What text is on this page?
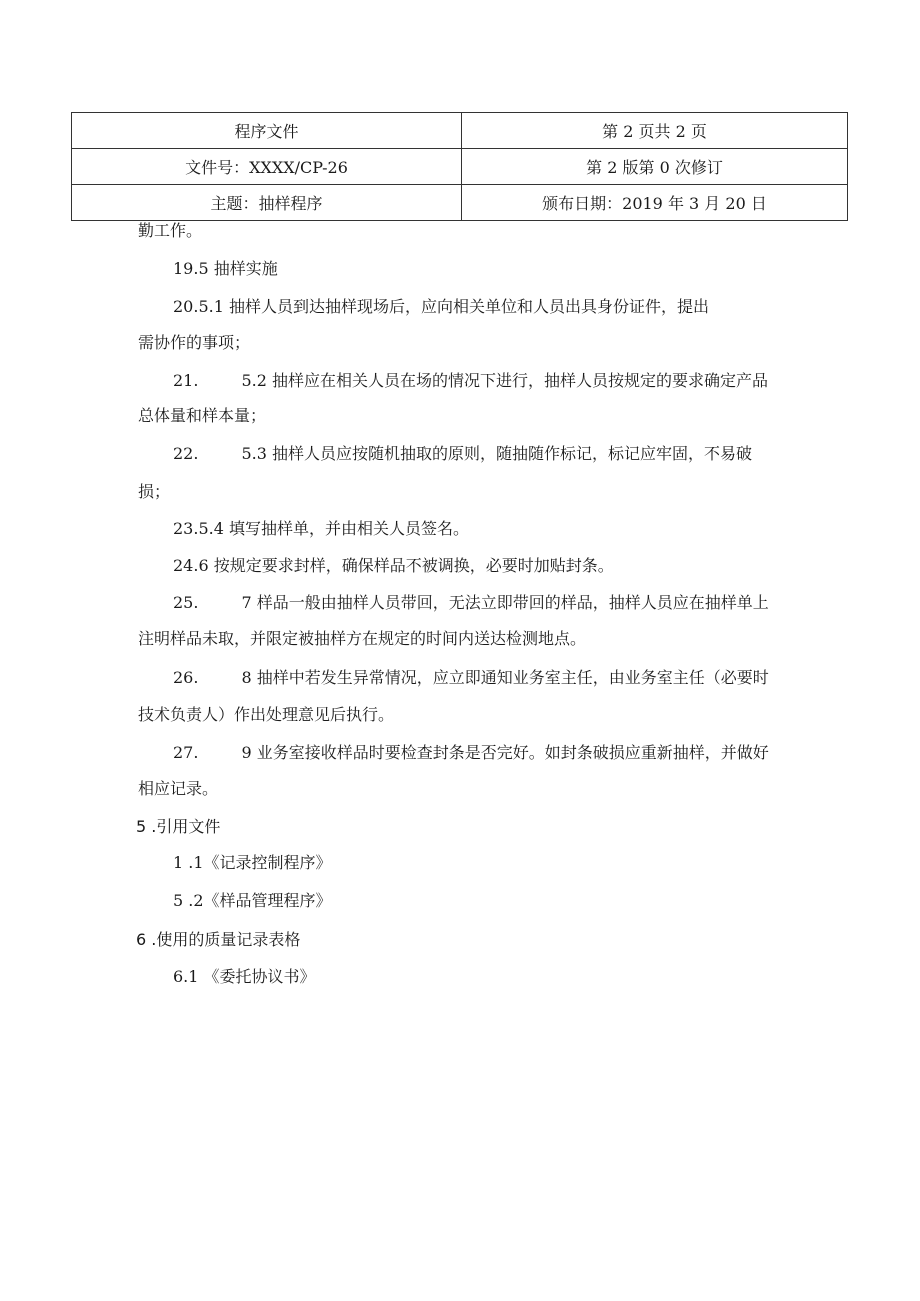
程序文件	第 2 页共 2 页
文件号：XXXX/CP-26	第 2 版第 0 次修订
主题：抽样程序	颁布日期：2019 年 3 月 20 日
勤工作。
19.5 抽样实施
20.5.1 抽样人员到达抽样现场后，应向相关单位和人员出具身份证件，提出
需协作的事项；
21.	5.2 抽样应在相关人员在场的情况下进行，抽样人员按规定的要求确定产品
总体量和样本量；
22.	5.3 抽样人员应按随机抽取的原则，随抽随作标记，标记应牢固，不易破
损；
23.5.4 填写抽样单，并由相关人员签名。
24.6 按规定要求封样，确保样品不被调换，必要时加贴封条。
25.	7 样品一般由抽样人员带回，无法立即带回的样品，抽样人员应在抽样单上
注明样品未取，并限定被抽样方在规定的时间内送达检测地点。
26.	8 抽样中若发生异常情况，应立即通知业务室主任，由业务室主任（必要时
技术负责人）作出处理意见后执行。
27.	9 业务室接收样品时要检查封条是否完好。如封条破损应重新抽样，并做好
相应记录。
5 .引用文件
1 .1《记录控制程序》
5 .2《样品管理程序》
6 .使用的质量记录表格
6.1 《委托协议书》
